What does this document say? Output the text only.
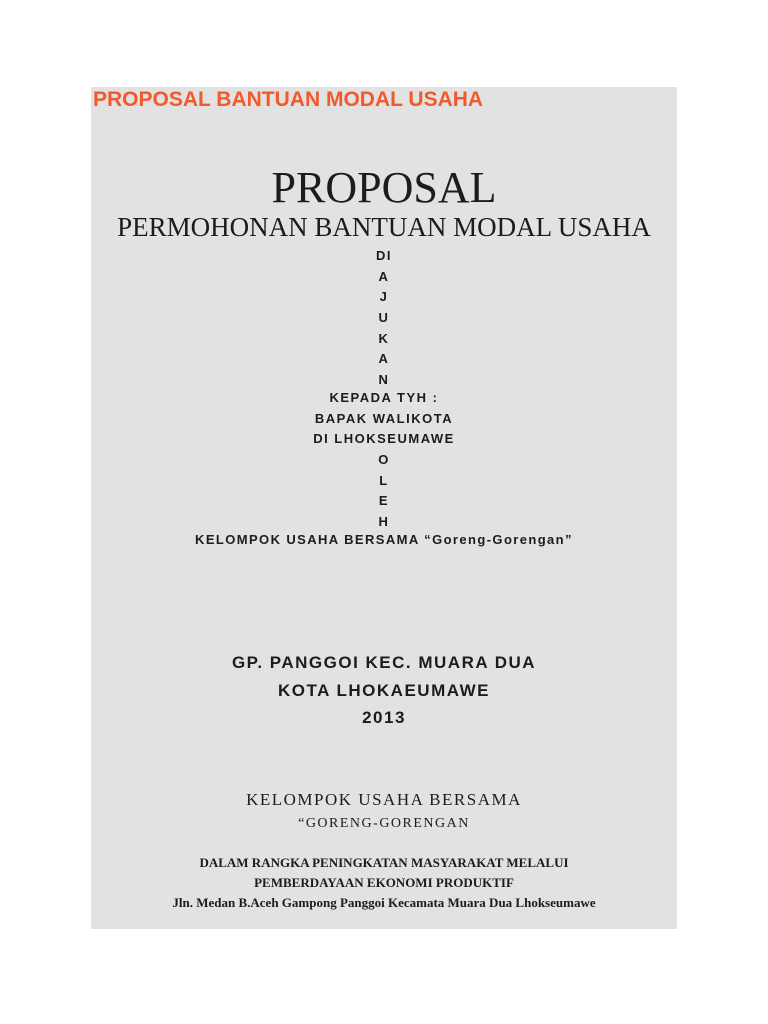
PROPOSAL BANTUAN MODAL USAHA

PROPOSAL

PERMOHONAN BANTUAN MODAL USAHA

DI
A
J
U
K
A
N
KEPADA TYH :
BAPAK WALIKOTA
DI LHOKSEUMAWE
O
L
E
H

KELOMPOK USAHA BERSAMA “Goreng-Gorengan”

GP. PANGGOI KEC. MUARA DUA
KOTA LHOKAEUMAWE
2013

KELOMPOK USAHA BERSAMA

“GORENG-GORENGAN

DALAM RANGKA PENINGKATAN MASYARAKAT MELALUI
PEMBERDAYAAN EKONOMI PRODUKTIF
Jln. Medan B.Aceh Gampong Panggoi Kecamata Muara Dua Lhokseumawe
